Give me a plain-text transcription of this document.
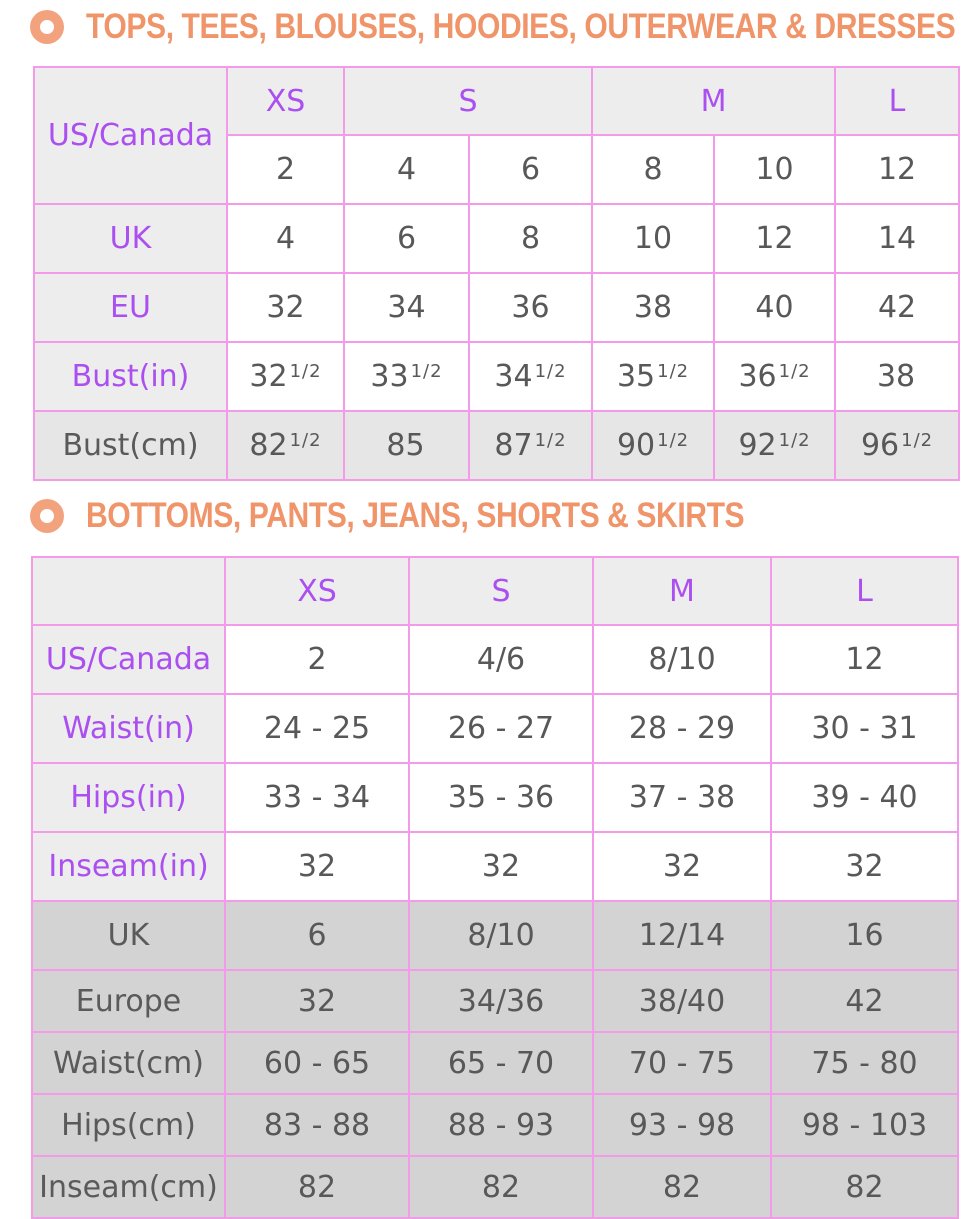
TOPS, TEES, BLOUSES, HOODIES, OUTERWEAR & DRESSES
US/Canada	XS	S		M		L
	2	4	6	8	10	12
UK	4	6	8	10	12	14
EU	32	34	36	38	40	42
Bust(in)	32 $^{1/2}$	33 $^{1/2}$	34 $^{1/2}$	35 $^{1/2}$	36 $^{1/2}$	38
Bust(cm)	82 $^{1/2}$	85	87 $^{1/2}$	90 $^{1/2}$	92 $^{1/2}$	96 $^{1/2}$
BOTTOMS, PANTS, JEANS, SHORTS & SKIRTS
	XS	S	M	L
US/Canada	2	4/6	8/10	12
Waist(in)	24 - 25	26 - 27	28 - 29	30 - 31
Hips(in)	33 - 34	35 - 36	37 - 38	39 - 40
Inseam(in)	32	32	32	32
UK	6	8/10	12/14	16
Europe	32	34/36	38/40	42
Waist(cm)	60 - 65	65 - 70	70 - 75	75 - 80
Hips(cm)	83 - 88	88 - 93	93 - 98	98 - 103
Inseam(cm)	82	82	82	82
